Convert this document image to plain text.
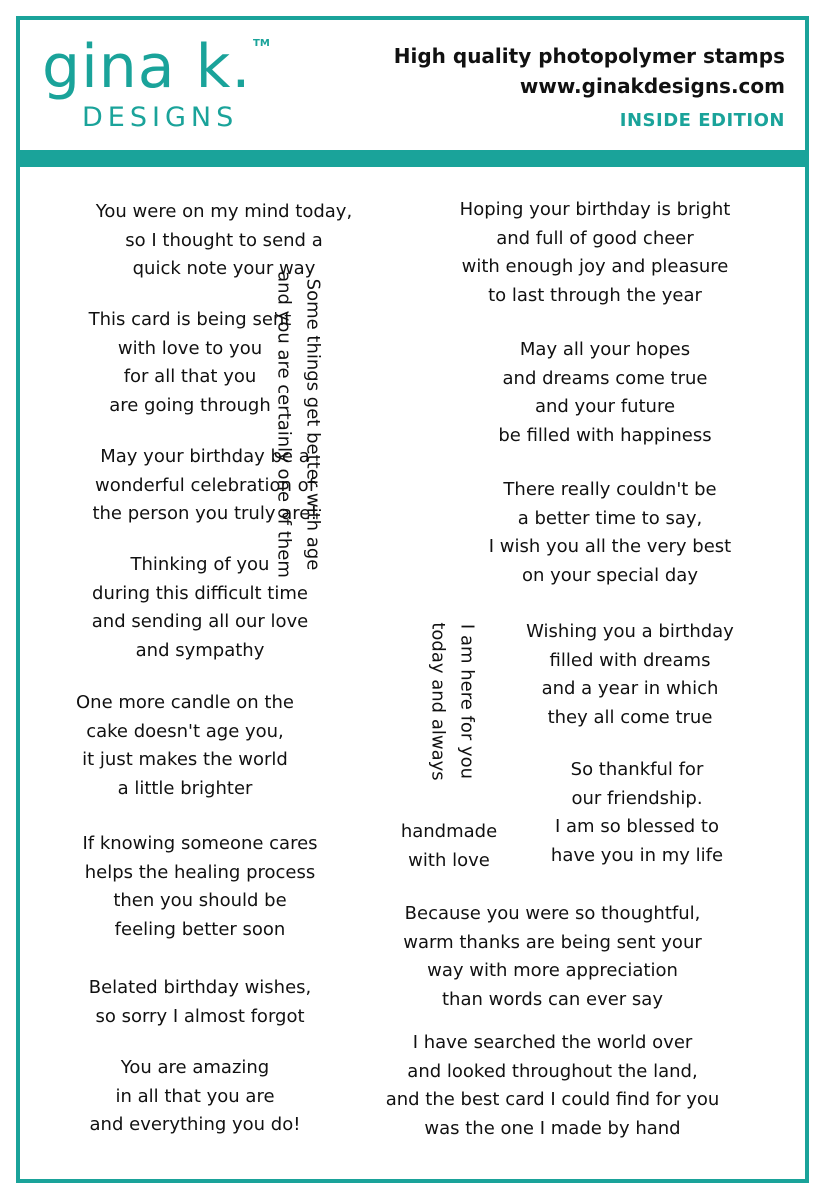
gina k. TM
DESIGNS
High quality photopolymer stamps
www.ginakdesigns.com
INSIDE EDITION
You were on my mind today,
so I thought to send a
quick note your way
This card is being sent
with love to you
for all that you
are going through
May your birthday be a
wonderful celebration of
the person you truly are!
Thinking of you
during this difficult time
and sending all our love
and sympathy
One more candle on the
cake doesn't age you,
it just makes the world
a little brighter
If knowing someone cares
helps the healing process
then you should be
feeling better soon
Belated birthday wishes,
so sorry I almost forgot
You are amazing
in all that you are
and everything you do!
Some things get better with age
and you are certainly one of them
I am here for you
today and always
handmade
with love
Hoping your birthday is bright
and full of good cheer
with enough joy and pleasure
to last through the year
May all your hopes
and dreams come true
and your future
be filled with happiness
There really couldn't be
a better time to say,
I wish you all the very best
on your special day
Wishing you a birthday
filled with dreams
and a year in which
they all come true
So thankful for
our friendship.
I am so blessed to
have you in my life
Because you were so thoughtful,
warm thanks are being sent your
way with more appreciation
than words can ever say
I have searched the world over
and looked throughout the land,
and the best card I could find for you
was the one I made by hand
